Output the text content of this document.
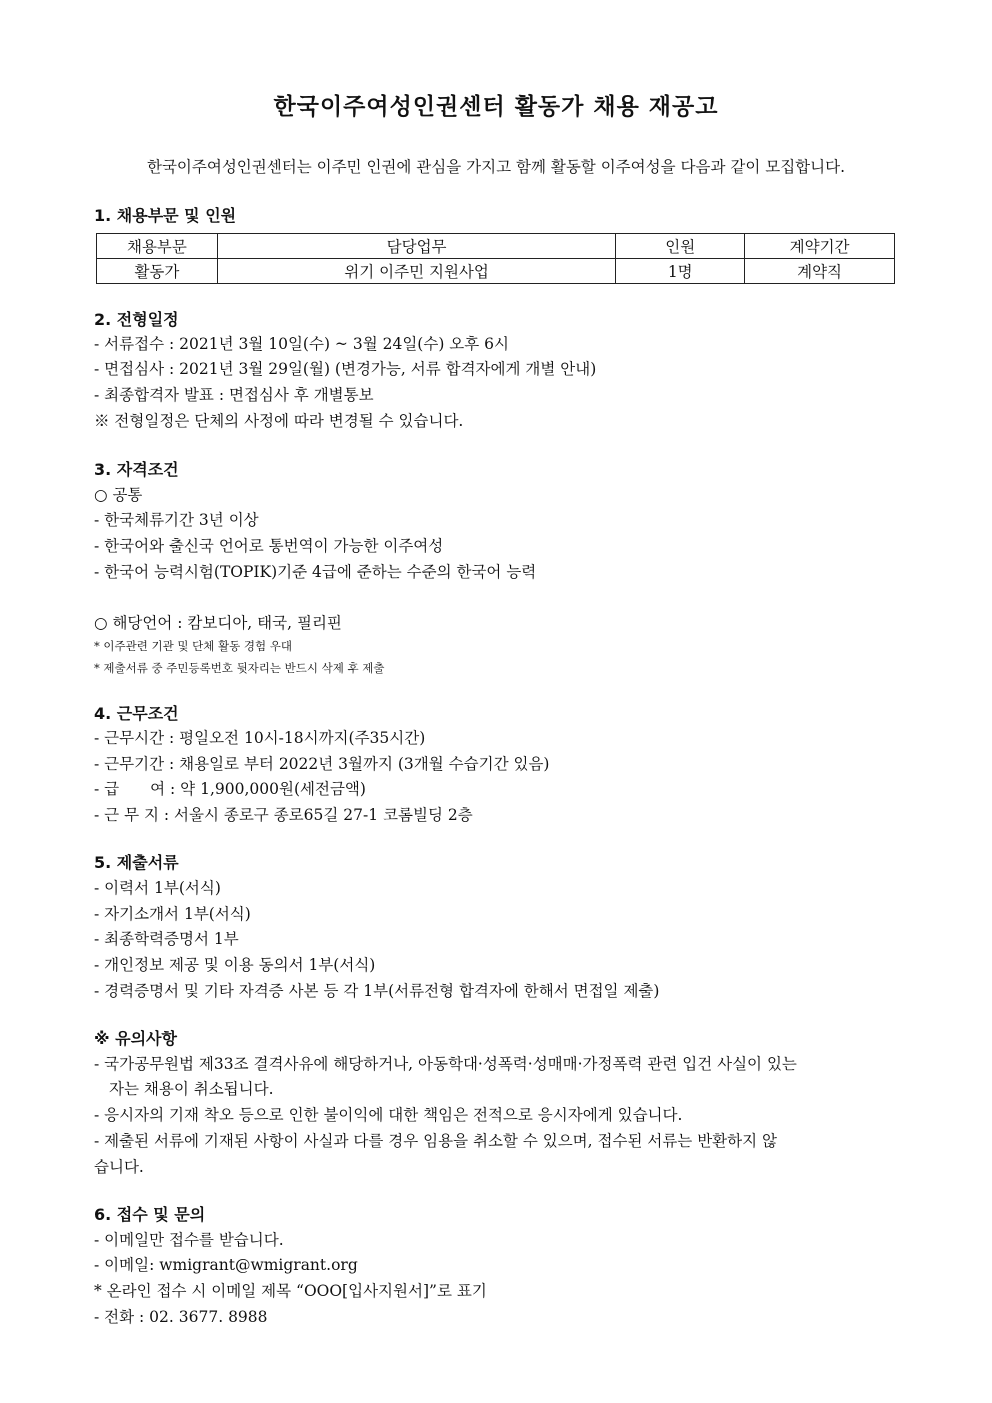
한국이주여성인권센터 활동가 채용 재공고
한국이주여성인권센터는 이주민 인권에 관심을 가지고 함께 활동할 이주여성을 다음과 같이 모집합니다.
1. 채용부문 및 인원
채용부문	담당업무	인원	계약기간
활동가	위기 이주민 지원사업	1명	계약직
2. 전형일정
- 서류접수 : 2021년 3월 10일(수) ~ 3월 24일(수) 오후 6시
- 면접심사 : 2021년 3월 29일(월) (변경가능, 서류 합격자에게 개별 안내)
- 최종합격자 발표 : 면접심사 후 개별통보
※ 전형일정은 단체의 사정에 따라 변경될 수 있습니다.
3. 자격조건
○ 공통
- 한국체류기간 3년 이상
- 한국어와 출신국 언어로 통번역이 가능한 이주여성
- 한국어 능력시험(TOPIK)기준 4급에 준하는 수준의 한국어 능력
○ 해당언어 : 캄보디아, 태국, 필리핀
* 이주관련 기관 및 단체 활동 경험 우대
* 제출서류 중 주민등록번호 뒷자리는 반드시 삭제 후 제출
4. 근무조건
- 근무시간 : 평일오전 10시-18시까지(주35시간)
- 근무기간 : 채용일로 부터 2022년 3월까지 (3개월 수습기간 있음)
- 급　　여 : 약 1,900,000원(세전금액)
- 근 무 지 : 서울시 종로구 종로65길 27-1 코롬빌딩 2층
5. 제출서류
- 이력서 1부(서식)
- 자기소개서 1부(서식)
- 최종학력증명서 1부
- 개인정보 제공 및 이용 동의서 1부(서식)
- 경력증명서 및 기타 자격증 사본 등 각 1부(서류전형 합격자에 한해서 면접일 제출)
※ 유의사항
- 국가공무원법 제33조 결격사유에 해당하거나, 아동학대·성폭력·성매매·가정폭력 관련 입건 사실이 있는
자는 채용이 취소됩니다.
- 응시자의 기재 착오 등으로 인한 불이익에 대한 책임은 전적으로 응시자에게 있습니다.
- 제출된 서류에 기재된 사항이 사실과 다를 경우 임용을 취소할 수 있으며, 접수된 서류는 반환하지 않
습니다.
6. 접수 및 문의
- 이메일만 접수를 받습니다.
- 이메일: wmigrant@wmigrant.org
* 온라인 접수 시 이메일 제목 “OOO[입사지원서]”로 표기
- 전화 : 02. 3677. 8988
